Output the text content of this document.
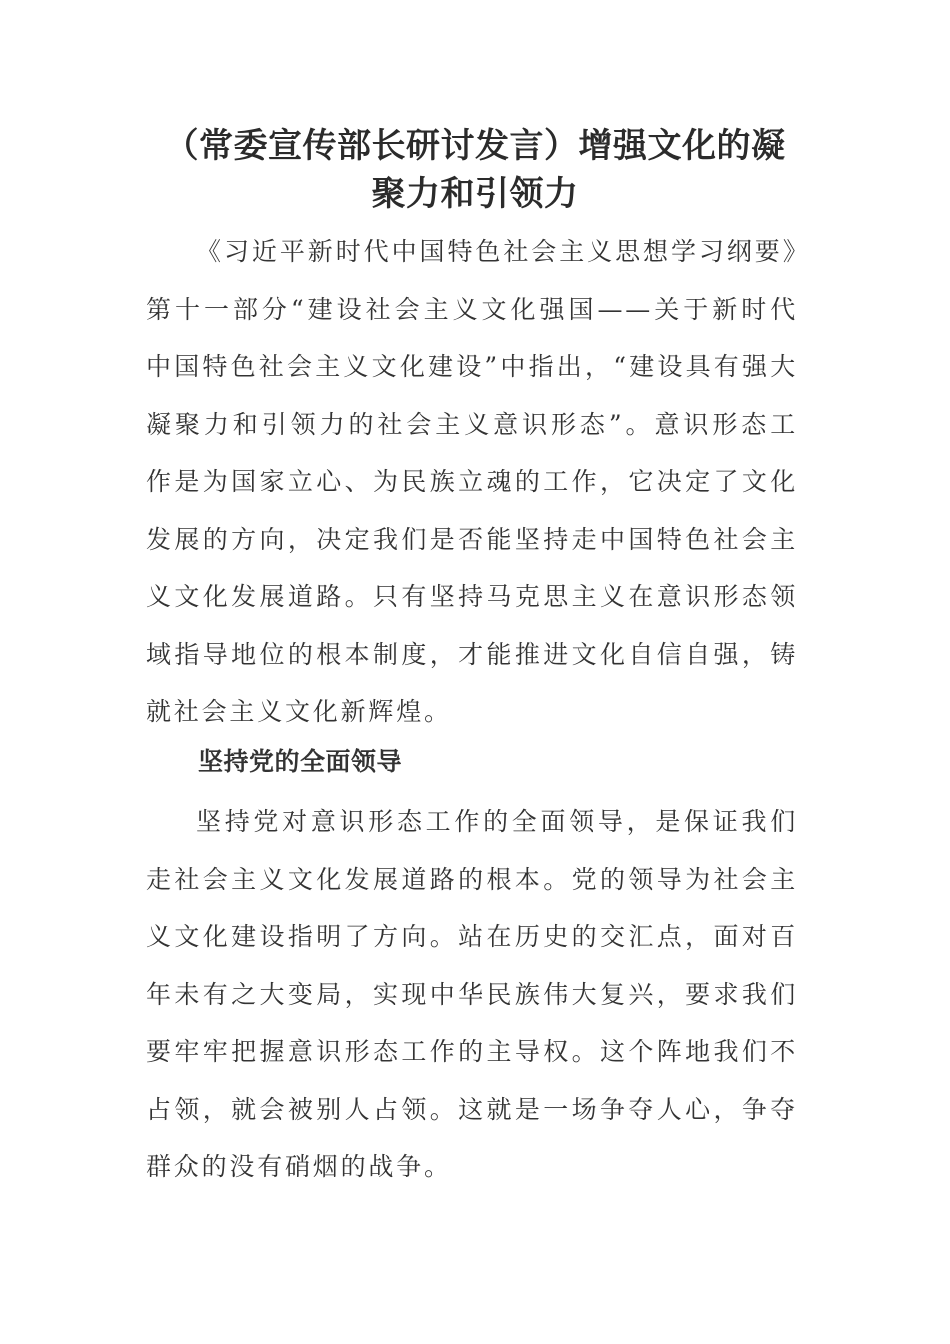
（常委宣传部长研讨发言）增强文化的凝聚力和引领力

《习近平新时代中国特色社会主义思想学习纲要》第十一部分“建设社会主义文化强国——关于新时代中国特色社会主义文化建设”中指出，“建设具有强大凝聚力和引领力的社会主义意识形态”。意识形态工作是为国家立心、为民族立魂的工作，它决定了文化发展的方向，决定我们是否能坚持走中国特色社会主义文化发展道路。只有坚持马克思主义在意识形态领域指导地位的根本制度，才能推进文化自信自强，铸就社会主义文化新辉煌。

坚持党的全面领导

坚持党对意识形态工作的全面领导，是保证我们走社会主义文化发展道路的根本。党的领导为社会主义文化建设指明了方向。站在历史的交汇点，面对百年未有之大变局，实现中华民族伟大复兴，要求我们要牢牢把握意识形态工作的主导权。这个阵地我们不占领，就会被别人占领。这就是一场争夺人心，争夺群众的没有硝烟的战争。
